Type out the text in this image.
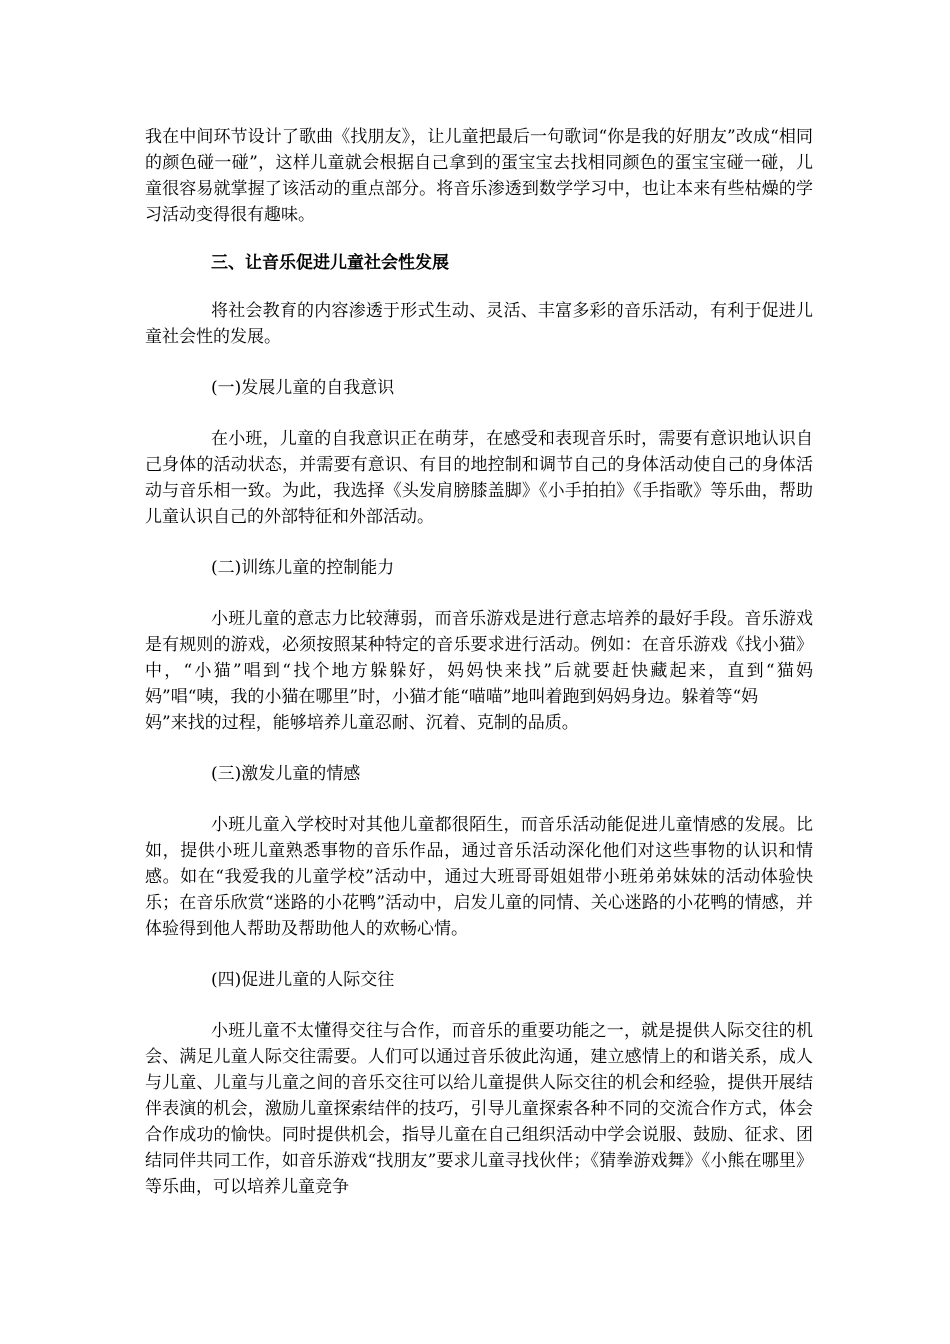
我在中间环节设计了歌曲《找朋友》，让儿童把最后一句歌词“你是我的好朋友”改成“相同的颜色碰一碰”，这样儿童就会根据自己拿到的蛋宝宝去找相同颜色的蛋宝宝碰一碰，儿童很容易就掌握了该活动的重点部分。将音乐渗透到数学学习中，也让本来有些枯燥的学习活动变得很有趣味。

三、让音乐促进儿童社会性发展

将社会教育的内容渗透于形式生动、灵活、丰富多彩的音乐活动，有利于促进儿童社会性的发展。

(一)发展儿童的自我意识

在小班，儿童的自我意识正在萌芽，在感受和表现音乐时，需要有意识地认识自己身体的活动状态，并需要有意识、有目的地控制和调节自己的身体活动使自己的身体活动与音乐相一致。为此，我选择《头发肩膀膝盖脚》《小手拍拍》《手指歌》等乐曲，帮助儿童认识自己的外部特征和外部活动。

(二)训练儿童的控制能力

小班儿童的意志力比较薄弱，而音乐游戏是进行意志培养的最好手段。音乐游戏是有规则的游戏，必须按照某种特定的音乐要求进行活动。例如：在音乐游戏《找小猫》中，“小猫”唱到“找个地方躲躲好，妈妈快来找”后就要赶快藏起来，直到“猫妈妈”唱“咦，我的小猫在哪里”时，小猫才能“喵喵”地叫着跑到妈妈身边。躲着等“妈

妈”来找的过程，能够培养儿童忍耐、沉着、克制的品质。

(三)激发儿童的情感

小班儿童入学校时对其他儿童都很陌生，而音乐活动能促进儿童情感的发展。比如，提供小班儿童熟悉事物的音乐作品，通过音乐活动深化他们对这些事物的认识和情感。如在“我爱我的儿童学校”活动中，通过大班哥哥姐姐带小班弟弟妹妹的活动体验快乐；在音乐欣赏“迷路的小花鸭”活动中，启发儿童的同情、关心迷路的小花鸭的情感，并体验得到他人帮助及帮助他人的欢畅心情。

(四)促进儿童的人际交往

小班儿童不太懂得交往与合作，而音乐的重要功能之一，就是提供人际交往的机会、满足儿童人际交往需要。人们可以通过音乐彼此沟通，建立感情上的和谐关系，成人与儿童、儿童与儿童之间的音乐交往可以给儿童提供人际交往的机会和经验，提供开展结伴表演的机会，激励儿童探索结伴的技巧，引导儿童探索各种不同的交流合作方式，体会合作成功的愉快。同时提供机会，指导儿童在自己组织活动中学会说服、鼓励、征求、团结同伴共同工作，如音乐游戏“找朋友”要求儿童寻找伙伴；《猜拳游戏舞》《小熊在哪里》等乐曲，可以培养儿童竞争
